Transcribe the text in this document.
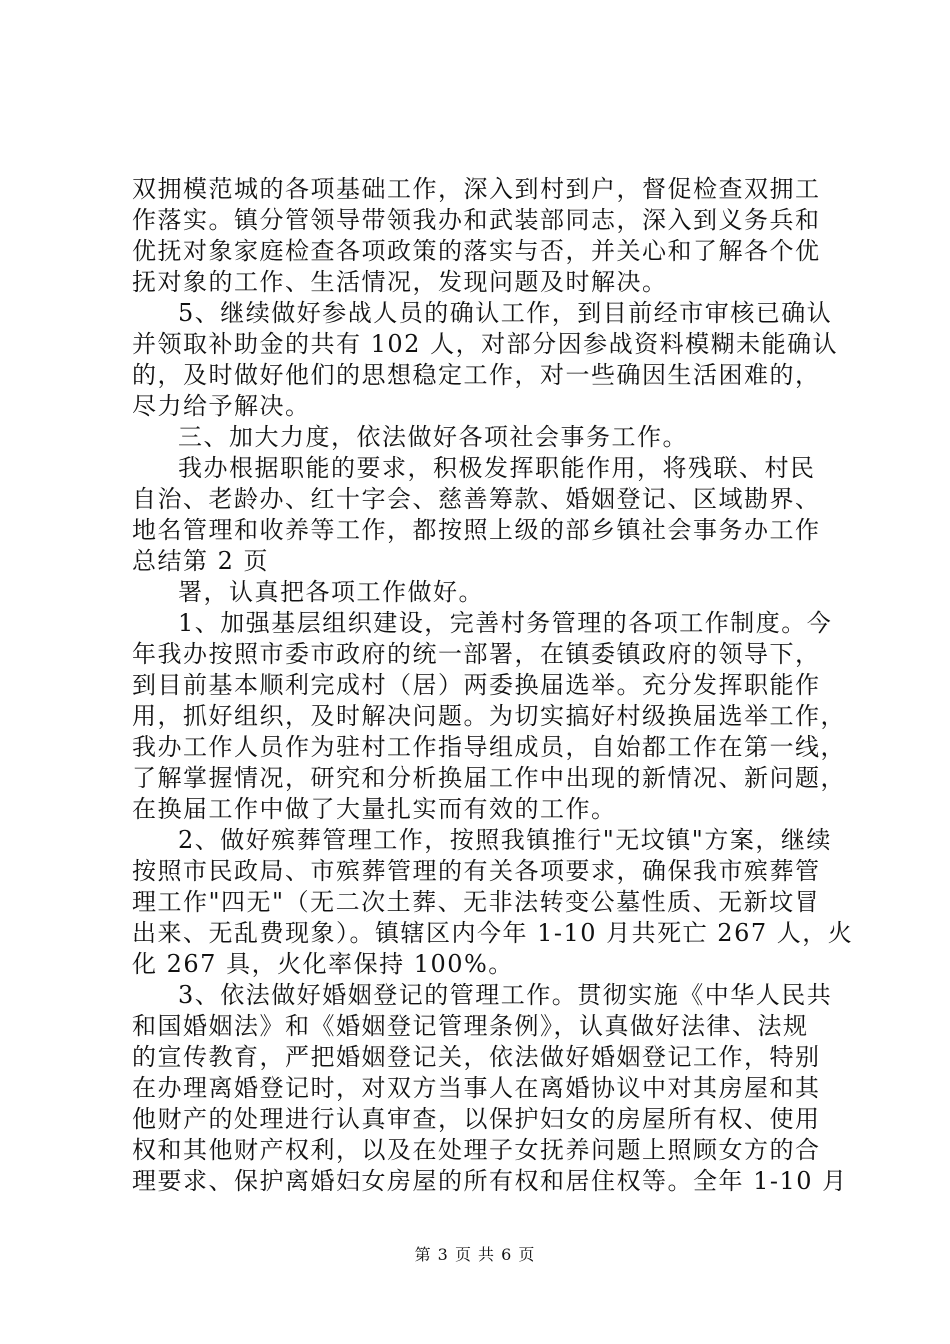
双拥模范城的各项基础工作，深入到村到户，督促检查双拥工
作落实。镇分管领导带领我办和武装部同志，深入到义务兵和
优抚对象家庭检查各项政策的落实与否，并关心和了解各个优
抚对象的工作、生活情况，发现问题及时解决。
5、继续做好参战人员的确认工作，到目前经市审核已确认
并领取补助金的共有 102 人，对部分因参战资料模糊未能确认
的，及时做好他们的思想稳定工作，对一些确因生活困难的，
尽力给予解决。
三、加大力度，依法做好各项社会事务工作。
我办根据职能的要求，积极发挥职能作用，将残联、村民
自治、老龄办、红十字会、慈善筹款、婚姻登记、区域勘界、
地名管理和收养等工作，都按照上级的部乡镇社会事务办工作
总结第 2 页
署，认真把各项工作做好。
1、加强基层组织建设，完善村务管理的各项工作制度。今
年我办按照市委市政府的统一部署，在镇委镇政府的领导下，
到目前基本顺利完成村（居）两委换届选举。充分发挥职能作
用，抓好组织，及时解决问题。为切实搞好村级换届选举工作，
我办工作人员作为驻村工作指导组成员，自始都工作在第一线，
了解掌握情况，研究和分析换届工作中出现的新情况、新问题，
在换届工作中做了大量扎实而有效的工作。
2、做好殡葬管理工作，按照我镇推行"无坟镇"方案，继续
按照市民政局、市殡葬管理的有关各项要求，确保我市殡葬管
理工作"四无"（无二次土葬、无非法转变公墓性质、无新坟冒
出来、无乱费现象）。镇辖区内今年 1-10 月共死亡 267 人，火
化 267 具，火化率保持 100%。
3、依法做好婚姻登记的管理工作。贯彻实施《中华人民共
和国婚姻法》和《婚姻登记管理条例》，认真做好法律、法规
的宣传教育，严把婚姻登记关，依法做好婚姻登记工作，特别
在办理离婚登记时，对双方当事人在离婚协议中对其房屋和其
他财产的处理进行认真审查，以保护妇女的房屋所有权、使用
权和其他财产权利，以及在处理子女抚养问题上照顾女方的合
理要求、保护离婚妇女房屋的所有权和居住权等。全年 1-10 月
第 3 页 共 6 页
